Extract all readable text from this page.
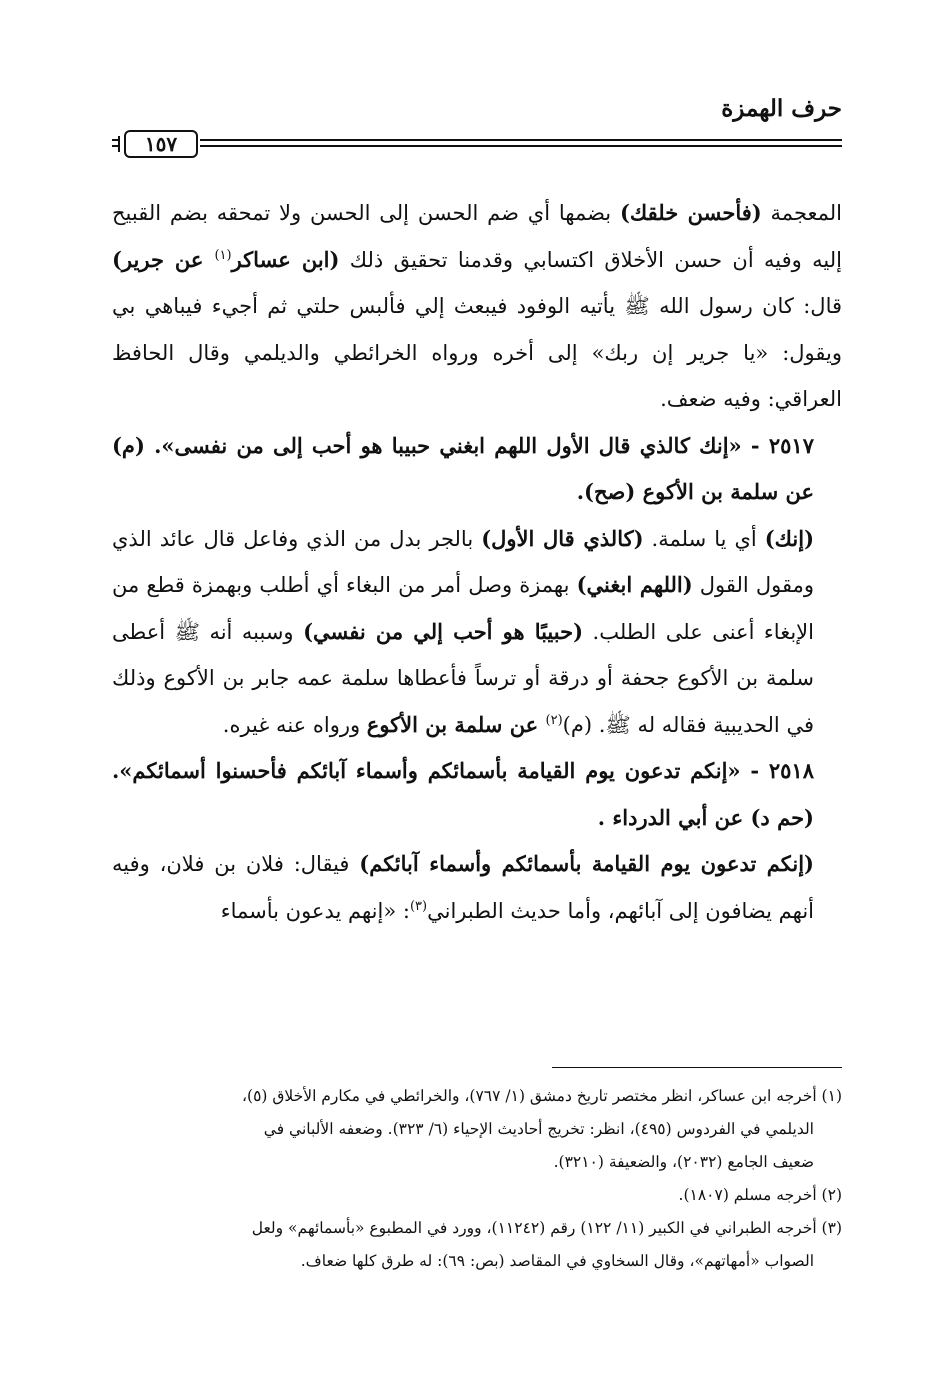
حرف الهمزة
١٥٧

المعجمة (فأحسن خلقك) بضمها أي ضم الحسن إلى الحسن ولا تمحقه بضم القبيح إليه وفيه أن حسن الأخلاق اكتسابي وقدمنا تحقيق ذلك (ابن عساكر$^{(١)}$ عن جرير) قال: كان رسول الله ﷺ يأتيه الوفود فيبعث إلي فألبس حلتي ثم أجيء فيباهي بي ويقول: «يا جرير إن ربك» إلى أخره ورواه الخرائطي والديلمي وقال الحافظ العراقي: وفيه ضعف.

٢٥١٧ - «إنك كالذي قال الأول اللهم ابغني حبيبا هو أحب إلى من نفسى». (م) عن سلمة بن الأكوع (صح).

(إنك) أي يا سلمة. (كالذي قال الأول) بالجر بدل من الذي وفاعل قال عائد الذي ومقول القول (اللهم ابغني) بهمزة وصل أمر من البغاء أي أطلب وبهمزة قطع من الإبغاء أعنى على الطلب. (حبيبًا هو أحب إلي من نفسي) وسببه أنه ﷺ أعطى سلمة بن الأكوع جحفة أو درقة أو ترساً فأعطاها سلمة عمه جابر بن الأكوع وذلك في الحديبية فقاله له ﷺ. (م)$^{(٢)}$ عن سلمة بن الأكوع ورواه عنه غيره.

٢٥١٨ - «إنكم تدعون يوم القيامة بأسمائكم وأسماء آبائكم فأحسنوا أسمائكم». (حم د) عن أبي الدرداء .

(إنكم تدعون يوم القيامة بأسمائكم وأسماء آبائكم) فيقال: فلان بن فلان، وفيه أنهم يضافون إلى آبائهم، وأما حديث الطبراني$^{(٣)}$: «إنهم يدعون بأسماء

(١) أخرجه ابن عساكر، انظر مختصر تاريخ دمشق (١/ ٧٦٧)، والخرائطي في مكارم الأخلاق (٥)،

الديلمي في الفردوس (٤٩٥)، انظر: تخريج أحاديث الإحياء (٦/ ٣٢٣). وضعفه الألباني في

ضعيف الجامع (٢٠٣٢)، والضعيفة (٣٢١٠).

(٢) أخرجه مسلم (١٨٠٧).

(٣) أخرجه الطبراني في الكبير (١١/ ١٢٢) رقم (١١٢٤٢)، وورد في المطبوع «بأسمائهم» ولعل

الصواب «أمهاتهم»، وقال السخاوي في المقاصد (بص: ٦٩): له طرق كلها ضعاف.
